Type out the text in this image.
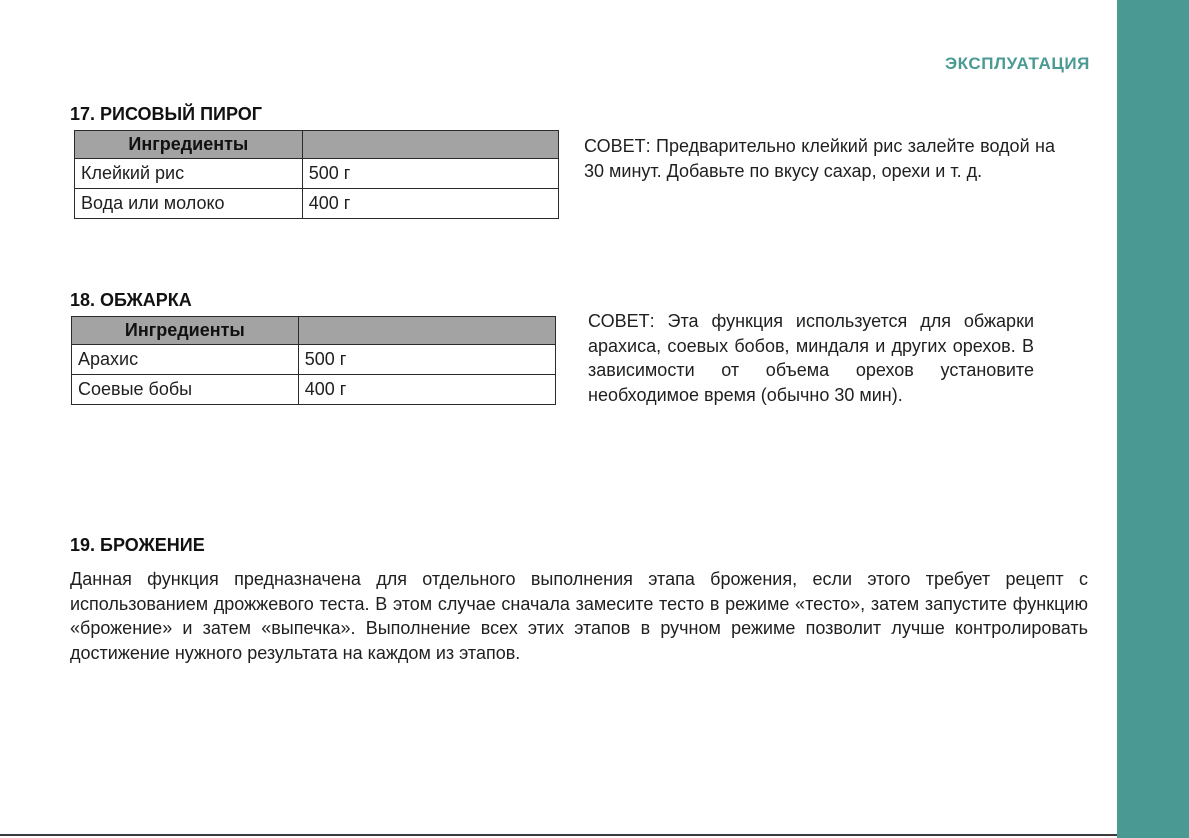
ЭКСПЛУАТАЦИЯ
17. РИСОВЫЙ ПИРОГ
Ингредиенты	
Клейкий рис	500 г
Вода или молоко	400 г
СОВЕТ: Предварительно клейкий рис залейте водой на 30 минут. Добавьте по вкусу сахар, орехи и т. д.
18. ОБЖАРКА
Ингредиенты	
Арахис	500 г
Соевые бобы	400 г
СОВЕТ: Эта функция используется для обжарки арахиса, соевых бобов, миндаля и других орехов. В зависимости от объема орехов установите необходимое время (обычно 30 мин).
19. БРОЖЕНИЕ
Данная функция предназначена для отдельного выполнения этапа брожения, если этого требует рецепт с использованием дрожжевого теста. В этом случае сначала замесите тесто в режиме «тесто», затем запустите функцию «брожение» и затем «выпечка». Выполнение всех этих этапов в ручном режиме позволит лучше контролировать достижение нужного результата на каждом из этапов.
